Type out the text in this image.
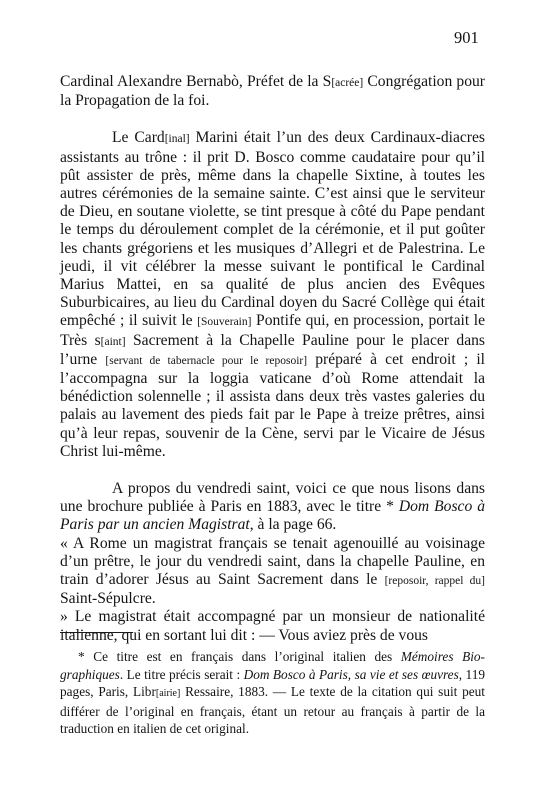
901

Cardinal Alexandre Bernabò, Préfet de la S[acrée] Congrégation pour la Propagation de la foi.

Le Card[inal] Marini était l’un des deux Cardinaux-diacres assistants au trône : il prit D. Bosco comme caudataire pour qu’il pût assister de près, même dans la chapelle Sixtine, à toutes les autres cérémonies de la semaine sainte. C’est ainsi que le serviteur de Dieu, en soutane violette, se tint presque à côté du Pape pendant le temps du déroulement complet de la cérémonie, et il put goûter les chants grégoriens et les musiques d’Allegri et de Palestrina. Le jeudi, il vit célébrer la messe suivant le pontifical le Cardinal Marius Mattei, en sa qualité de plus ancien des Evêques Suburbicaires, au lieu du Cardinal doyen du Sacré Collège qui était empêché ; il suivit le [Souverain] Pontife qui, en procession, portait le Très s[aint] Sacrement à la Chapelle Pauline pour le placer dans l’urne [servant de tabernacle pour le reposoir] préparé à cet endroit ; il l’accompagna sur la loggia vaticane d’où Rome attendait la bénédiction solennelle ; il assista dans deux très vastes galeries du palais au lavement des pieds fait par le Pape à treize prêtres, ainsi qu’à leur repas, souvenir de la Cène, servi par le Vicaire de Jésus Christ lui-même.

A propos du vendredi saint, voici ce que nous lisons dans une brochure publiée à Paris en 1883, avec le titre * Dom Bosco à Paris par un ancien Magistrat, à la page 66.

« A Rome un magistrat français se tenait agenouillé au voisinage d’un prêtre, le jour du vendredi saint, dans la chapelle Pauline, en train d’adorer Jésus au Saint Sacrement dans le [reposoir, rappel du] Saint-Sépulcre.

» Le magistrat était accompagné par un monsieur de nationalité italienne, qui en sortant lui dit : — Vous aviez près de vous

* Ce titre est en français dans l’original italien des Mémoires Biographiques. Le titre précis serait : Dom Bosco à Paris, sa vie et ses œuvres, 119 pages, Paris, Libr[airie] Ressaire, 1883. — Le texte de la citation qui suit peut différer de l’original en français, étant un retour au français à partir de la traduction en italien de cet original.
